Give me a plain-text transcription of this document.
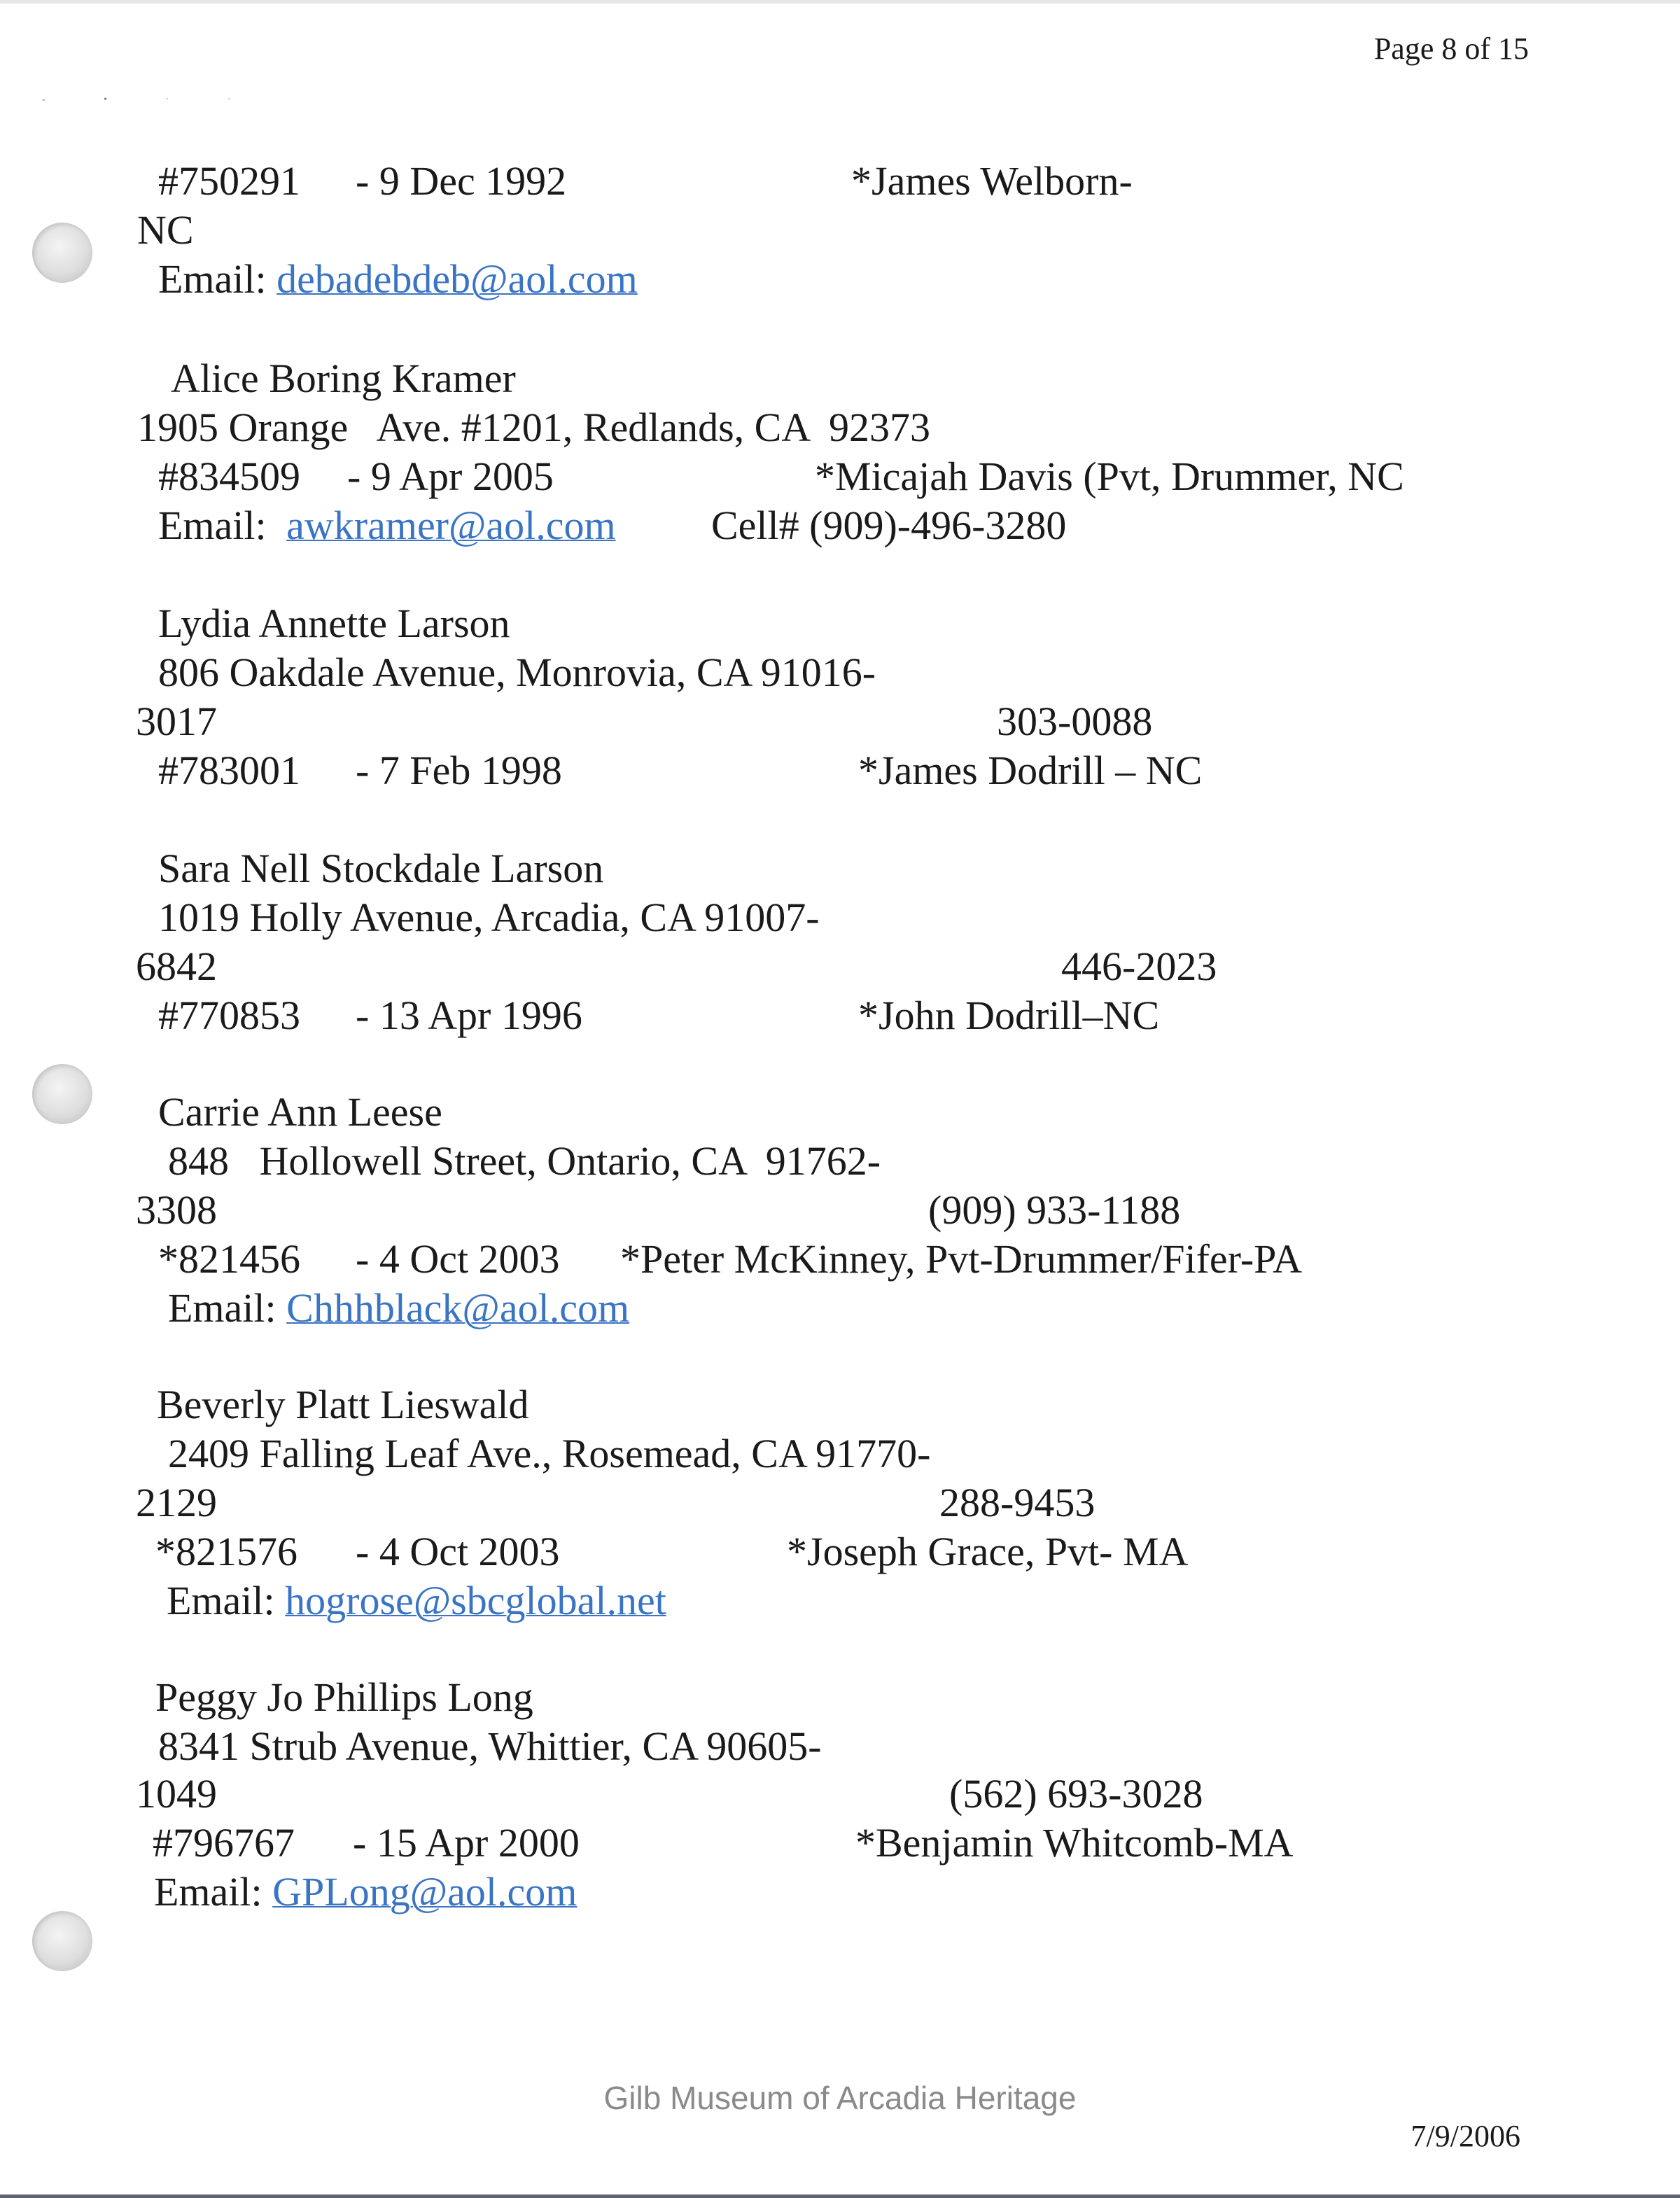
- • · ·
Page 8 of 15
#750291 - 9 Dec 1992	*James Welborn-
NC
Email: debadebdeb@aol.com
Alice Boring Kramer
1905 Orange   Ave. #1201, Redlands, CA  92373
#834509 - 9 Apr 2005	*Micajah Davis (Pvt, Drummer, NC
Email: awkramer@aol.com Cell# (909)-496-3280
Lydia Annette Larson
806 Oakdale Avenue, Monrovia, CA 91016-
3017	303-0088
#783001 - 7 Feb 1998	*James Dodrill – NC
Sara Nell Stockdale Larson
1019 Holly Avenue, Arcadia, CA 91007-
6842	446-2023
#770853 - 13 Apr 1996	*John Dodrill–NC
Carrie Ann Leese
848   Hollowell Street, Ontario, CA  91762-
3308	(909) 933-1188
*821456 - 4 Oct 2003 *Peter McKinney, Pvt-Drummer/Fifer-PA
Email: Chhhblack@aol.com
Beverly Platt Lieswald
2409 Falling Leaf Ave., Rosemead, CA 91770-
2129	288-9453
*821576 - 4 Oct 2003	*Joseph Grace, Pvt- MA
Email: hogrose@sbcglobal.net
Peggy Jo Phillips Long
8341 Strub Avenue, Whittier, CA 90605-
1049	(562) 693-3028
#796767 - 15 Apr 2000	*Benjamin Whitcomb-MA
Email: GPLong@aol.com
Gilb Museum of Arcadia Heritage
7/9/2006
